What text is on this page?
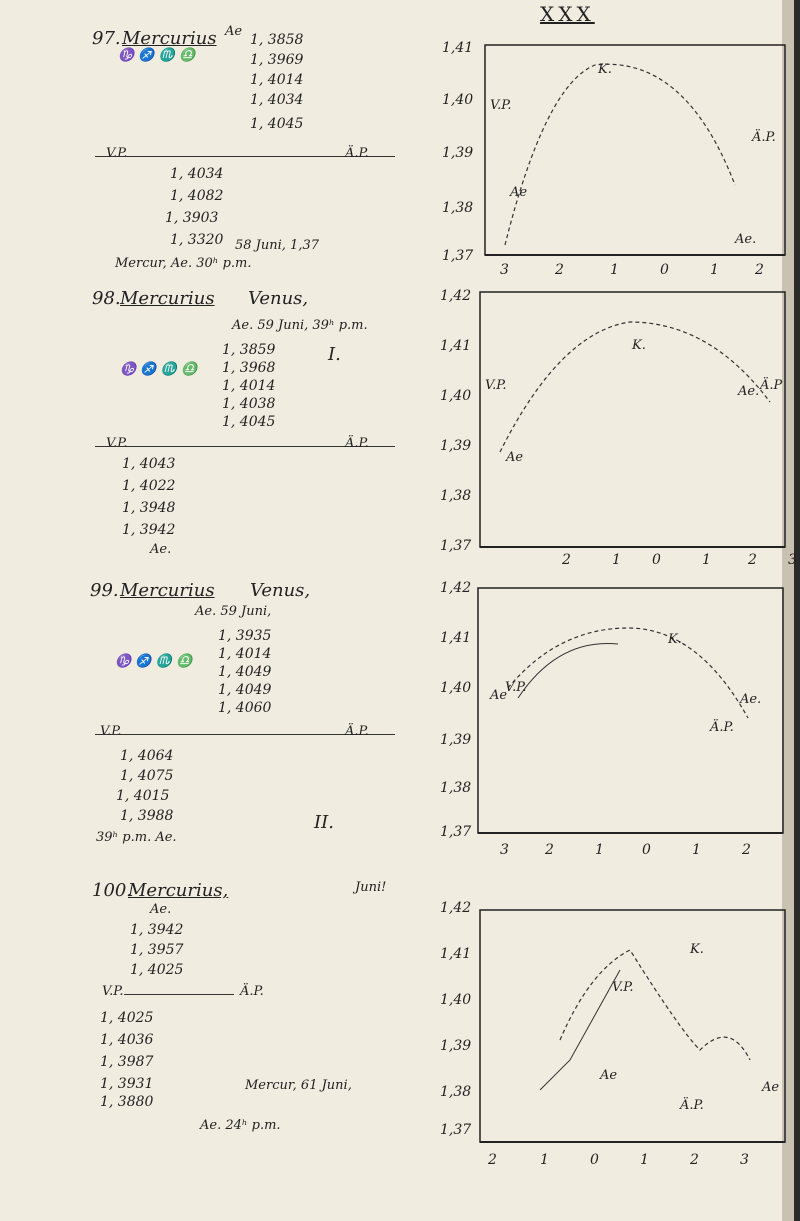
XXX
97. Mercurius Ae
1, 3858
1, 3969
1, 4014
1, 4034
1, 4045
♑ ♐ ♏ ♎
V.P.	Ä.P.
1, 4034
1, 4082
1, 3903
1, 3320
Mercur, Ae. 30ʰ p.m.
58 Juni, 1,37
1,41
1,40
1,39
1,38
1,37
K.
V.P.
Ä.P.
Ae
Ae.
3	2	1	0	1	2
98. Mercurius Venus,
Ae. 59 Juni, 39ʰ p.m.
I.
1, 3859
1, 3968
1, 4014
1, 4038
1, 4045
♑ ♐ ♏ ♎
V.P.	Ä.P.
1, 4043
1, 4022
1, 3948
1, 3942
Ae.
1,42
1,41
1,40
1,39
1,38
1,37
K.
V.P.	Ä.P
Ae.
Ae
2	1 0	1	2 3
99. Mercurius Venus,
Ae. 59 Juni,
1, 3935
1, 4014
1, 4049
1, 4049
1, 4060
♑ ♐ ♏ ♎
V.P.	Ä.P.
1, 4064
1, 4075
1, 4015
1, 3988
39ʰ p.m. Ae.
II.
1,42
1,41
1,40
1,39
1,38
1,37
K.
V.P.
Ä.P.
Ae	Ae.
3	2	1	0	1	2
100.
Mercurius,	Juni!
Ae.
1, 3942
1, 3957
1, 4025
V.P.	Ä.P.
1, 4025
1, 4036
1, 3987
1, 3931
1, 3880
Mercur, 61 Juni,
Ae. 24ʰ p.m.
1,42
1,41
1,40
1,39
1,38
1,37
K.
V.P.
Ä.P.
Ae
Ae
2	1	0	1	2	3
